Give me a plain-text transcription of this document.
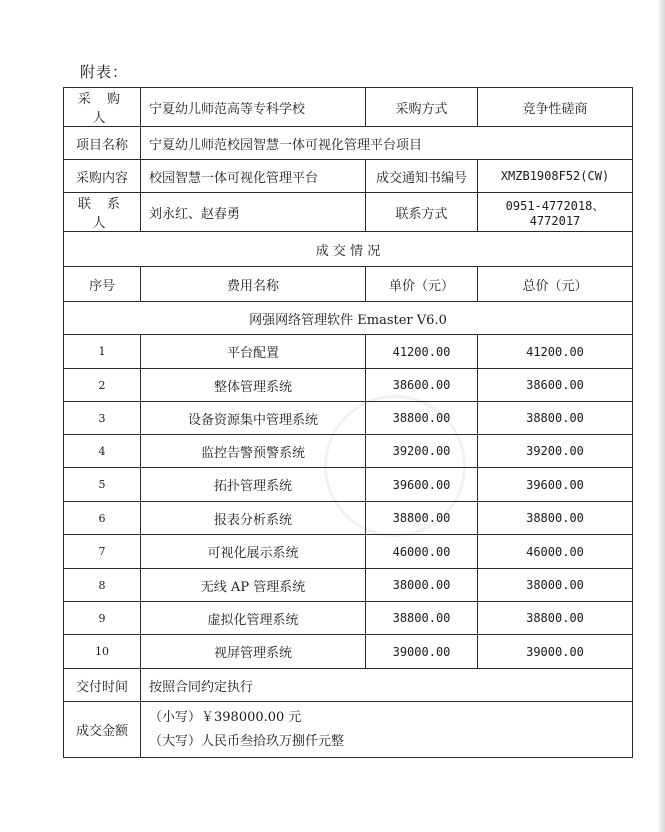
附表：
采 购 人	宁夏幼儿师范高等专科学校	采购方式	竞争性磋商
项目名称	宁夏幼儿师范校园智慧一体可视化管理平台项目		
采购内容	校园智慧一体可视化管理平台	成交通知书编号	XMZB1908F52(CW)
联 系 人	刘永红、赵春勇	联系方式	0951-4772018、4772017
成 交 情 况			
序号	费用名称	单价（元）	总价（元）
网强网络管理软件 Emaster V6.0			
1	平台配置	41200.00	41200.00
2	整体管理系统	38600.00	38600.00
3	设备资源集中管理系统	38800.00	38800.00
4	监控告警预警系统	39200.00	39200.00
5	拓扑管理系统	39600.00	39600.00
6	报表分析系统	38800.00	38800.00
7	可视化展示系统	46000.00	46000.00
8	无线 AP 管理系统	38000.00	38000.00
9	虚拟化管理系统	38800.00	38800.00
10	视屏管理系统	39000.00	39000.00
交付时间	按照合同约定执行		
成交金额	（小写）￥398000.00 元
（大写）人民币叁拾玖万捌仟元整		
